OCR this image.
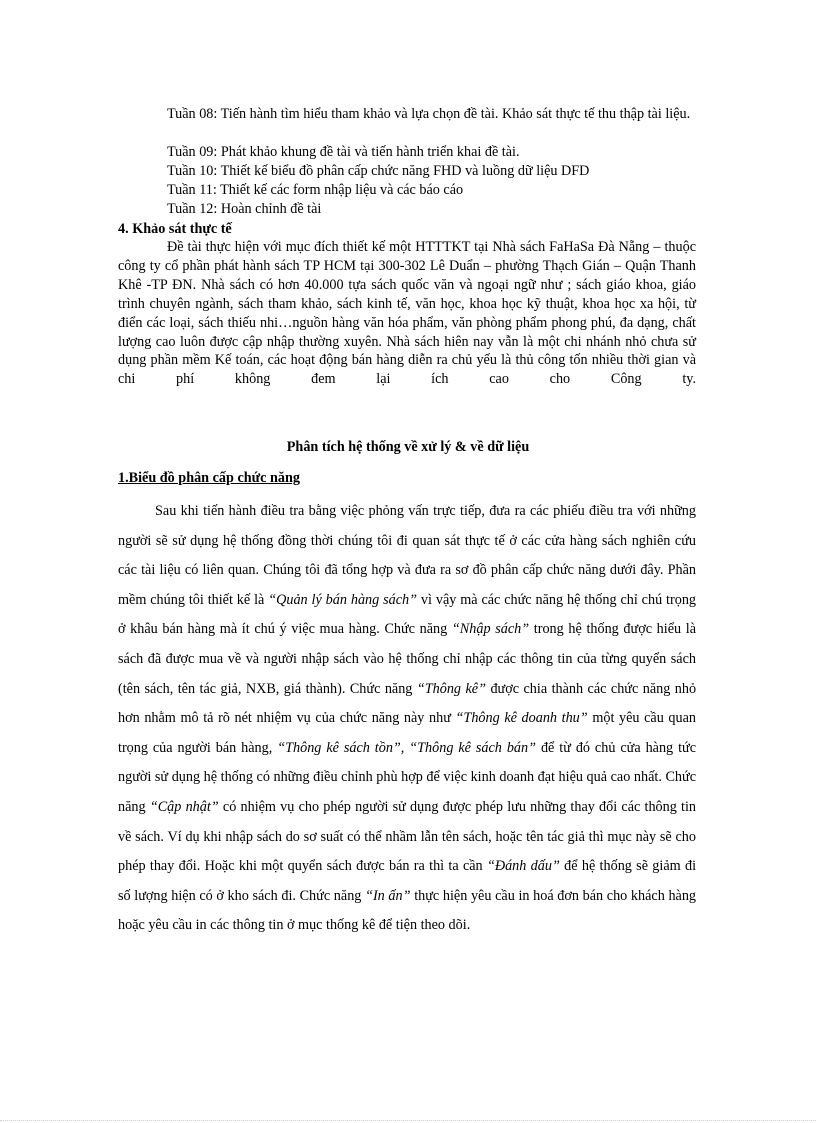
Tuần 08: Tiến hành tìm hiểu tham khảo và lựa chọn đề tài. Khảo sát thực tế thu thập tài liệu.
Tuần 09: Phát khảo khung đề tài và tiến hành triển khai đề tài.
Tuần 10: Thiết kế biểu đồ phân cấp chức năng FHD và luồng dữ liệu DFD
Tuần 11: Thiết kế các form nhập liệu và các báo cáo
Tuần 12: Hoàn chỉnh đề tài
4. Khảo sát thực tế

Đề tài thực hiện với mục đích thiết kế một HTTTKT tại Nhà sách FaHaSa Đà Nẵng – thuộc công ty cổ phần phát hành sách TP HCM tại 300-302 Lê Duẩn – phường Thạch Gián – Quận Thanh Khê -TP ĐN. Nhà sách có hơn 40.000 tựa sách quốc văn và ngoại ngữ như ; sách giáo khoa, giáo trình chuyên ngành, sách tham khảo, sách kinh tế, văn học, khoa học kỹ thuật, khoa học xa hội, từ điển các loại, sách thiếu nhi…nguồn hàng văn hóa phẩm, văn phòng phẩm phong phú, đa dạng, chất lượng cao luôn được cập nhập thường xuyên. Nhà sách hiên nay vẫn là một chi nhánh nhỏ chưa sử dụng phần mềm Kế toán, các hoạt động bán hàng diễn ra chủ yếu là thủ công tốn nhiều thời gian và chi phí không đem lại ích cao cho Công ty.

Phân tích hệ thống về xử lý & về dữ liệu
1.Biểu đồ phân cấp chức năng

Sau khi tiến hành điều tra bằng việc phỏng vấn trực tiếp, đưa ra các phiếu điều tra với những người sẽ sử dụng hệ thống đồng thời chúng tôi đi quan sát thực tế ở các cửa hàng sách nghiên cứu các tài liệu có liên quan. Chúng tôi đã tổng hợp và đưa ra sơ đồ phân cấp chức năng dưới đây. Phần mềm chúng tôi thiết kế là “Quản lý bán hàng sách” vì vậy mà các chức năng hệ thống chỉ chú trọng ở khâu bán hàng mà ít chú ý việc mua hàng. Chức năng “Nhập sách” trong hệ thống được hiểu là sách đã được mua về và người nhập sách vào hệ thống chỉ nhập các thông tin của từng quyển sách (tên sách, tên tác giả, NXB, giá thành). Chức năng “Thông kê” được chia thành các chức năng nhỏ hơn nhằm mô tả rõ nét nhiệm vụ của chức năng này như “Thông kê doanh thu” một yêu cầu quan trọng của người bán hàng, “Thông kê sách tồn”, “Thông kê sách bán” để từ đó chủ cửa hàng tức người sử dụng hệ thống có những điều chỉnh phù hợp để việc kinh doanh đạt hiệu quả cao nhất. Chức năng “Cập nhật” có nhiệm vụ cho phép người sử dụng được phép lưu những thay đổi các thông tin về sách. Ví dụ khi nhập sách do sơ suất có thể nhầm lẫn tên sách, hoặc tên tác giả thì mục này sẽ cho phép thay đổi. Hoặc khi một quyển sách được bán ra thì ta cần “Đánh dấu” để hệ thống sẽ giảm đi số lượng hiện có ở kho sách đi. Chức năng “In ấn” thực hiện yêu cầu in hoá đơn bán cho khách hàng hoặc yêu cầu in các thông tin ở mục thống kê để tiện theo dõi.
